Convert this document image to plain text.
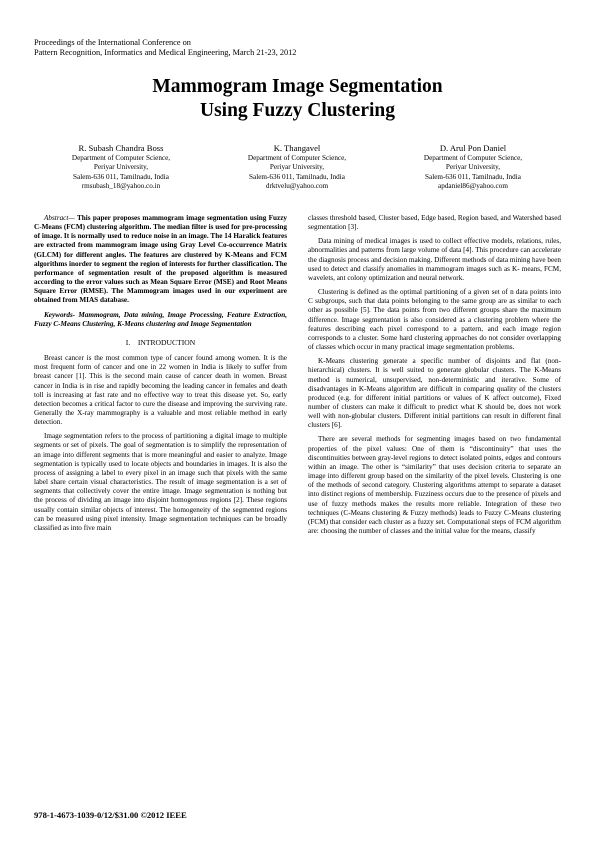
Proceedings of the International Conference on
Pattern Recognition, Informatics and Medical Engineering, March 21-23, 2012
Mammogram Image Segmentation
Using Fuzzy Clustering
R. Subash Chandra Boss
Department of Computer Science,
Periyar University,
Salem-636 011, Tamilnadu, India
rmsubash_18@yahoo.co.in
K. Thangavel
Department of Computer Science,
Periyar University,
Salem-636 011, Tamilnadu, India
drktvelu@yahoo.com
D. Arul Pon Daniel
Department of Computer Science,
Periyar University,
Salem-636 011, Tamilnadu, India
apdaniel86@yahoo.com

Abstract— This paper proposes mammogram image segmentation using Fuzzy C-Means (FCM) clustering algorithm. The median filter is used for pre-processing of image. It is normally used to reduce noise in an image. The 14 Haralick features are extracted from mammogram image using Gray Level Co-occurrence Matrix (GLCM) for different angles. The features are clustered by K-Means and FCM algorithms inorder to segment the region of interests for further classification. The performance of segmentation result of the proposed algorithm is measured according to the error values such as Mean Square Error (MSE) and Root Means Square Error (RMSE). The Mammogram images used in our experiment are obtained from MIAS database.

Keywords- Mammogram, Data mining, Image Processing, Feature Extraction, Fuzzy C-Means Clustering, K-Means clustering and Image Segmentation

I. INTRODUCTION

Breast cancer is the most common type of cancer found among women. It is the most frequent form of cancer and one in 22 women in India is likely to suffer from breast cancer [1]. This is the second main cause of cancer death in women. Breast cancer in India is in rise and rapidly becoming the leading cancer in females and death toll is increasing at fast rate and no effective way to treat this disease yet. So, early detection becomes a critical factor to cure the disease and improving the surviving rate. Generally the X-ray mammography is a valuable and most reliable method in early detection.

Image segmentation refers to the process of partitioning a digital image to multiple segments or set of pixels. The goal of segmentation is to simplify the representation of an image into different segments that is more meaningful and easier to analyze. Image segmentation is typically used to locate objects and boundaries in images. It is also the process of assigning a label to every pixel in an image such that pixels with the same label share certain visual characteristics. The result of image segmentation is a set of segments that collectively cover the entire image. Image segmentation is nothing but the process of dividing an image into disjoint homogenous regions [2]. These regions usually contain similar objects of interest. The homogeneity of the segmented regions can be measured using pixel intensity. Image segmentation techniques can be broadly classified as into five main

classes threshold based, Cluster based, Edge based, Region based, and Watershed based segmentation [3].

Data mining of medical images is used to collect effective models, relations, rules, abnormalities and patterns from large volume of data [4]. This procedure can accelerate the diagnosis process and decision making. Different methods of data mining have been used to detect and classify anomalies in mammogram images such as K- means, FCM, wavelets, ant colony optimization and neural network.

Clustering is defined as the optimal partitioning of a given set of n data points into C subgroups, such that data points belonging to the same group are as similar to each other as possible [5]. The data points from two different groups share the maximum difference. Image segmentation is also considered as a clustering problem where the features describing each pixel correspond to a pattern, and each image region corresponds to a cluster. Some hard clustering approaches do not consider overlapping of classes which occur in many practical image segmentation problems.

K-Means clustering generate a specific number of disjoints and flat (non-hierarchical) clusters. It is well suited to generate globular clusters. The K-Means method is numerical, unsupervised, non-deterministic and iterative. Some of disadvantages in K-Means algorithm are difficult in comparing quality of the clusters produced (e.g. for different initial partitions or values of K affect outcome), Fixed number of clusters can make it difficult to predict what K should be, does not work well with non-globular clusters. Different initial partitions can result in different final clusters [6].

There are several methods for segmenting images based on two fundamental properties of the pixel values: One of them is “discontinuity” that uses the discontinuities between gray-level regions to detect isolated points, edges and contours within an image. The other is “similarity” that uses decision criteria to separate an image into different group based on the similarity of the pixel levels. Clustering is one of the methods of second category. Clustering algorithms attempt to separate a dataset into distinct regions of membership. Fuzziness occurs due to the presence of pixels and use of fuzzy methods makes the results more reliable. Integration of these two techniques (C-Means clustering & Fuzzy methods) leads to Fuzzy C-Means clustering (FCM) that consider each cluster as a fuzzy set. Computational steps of FCM algorithm are: choosing the number of classes and the initial value for the means, classify

978-1-4673-1039-0/12/$31.00 ©2012 IEEE
